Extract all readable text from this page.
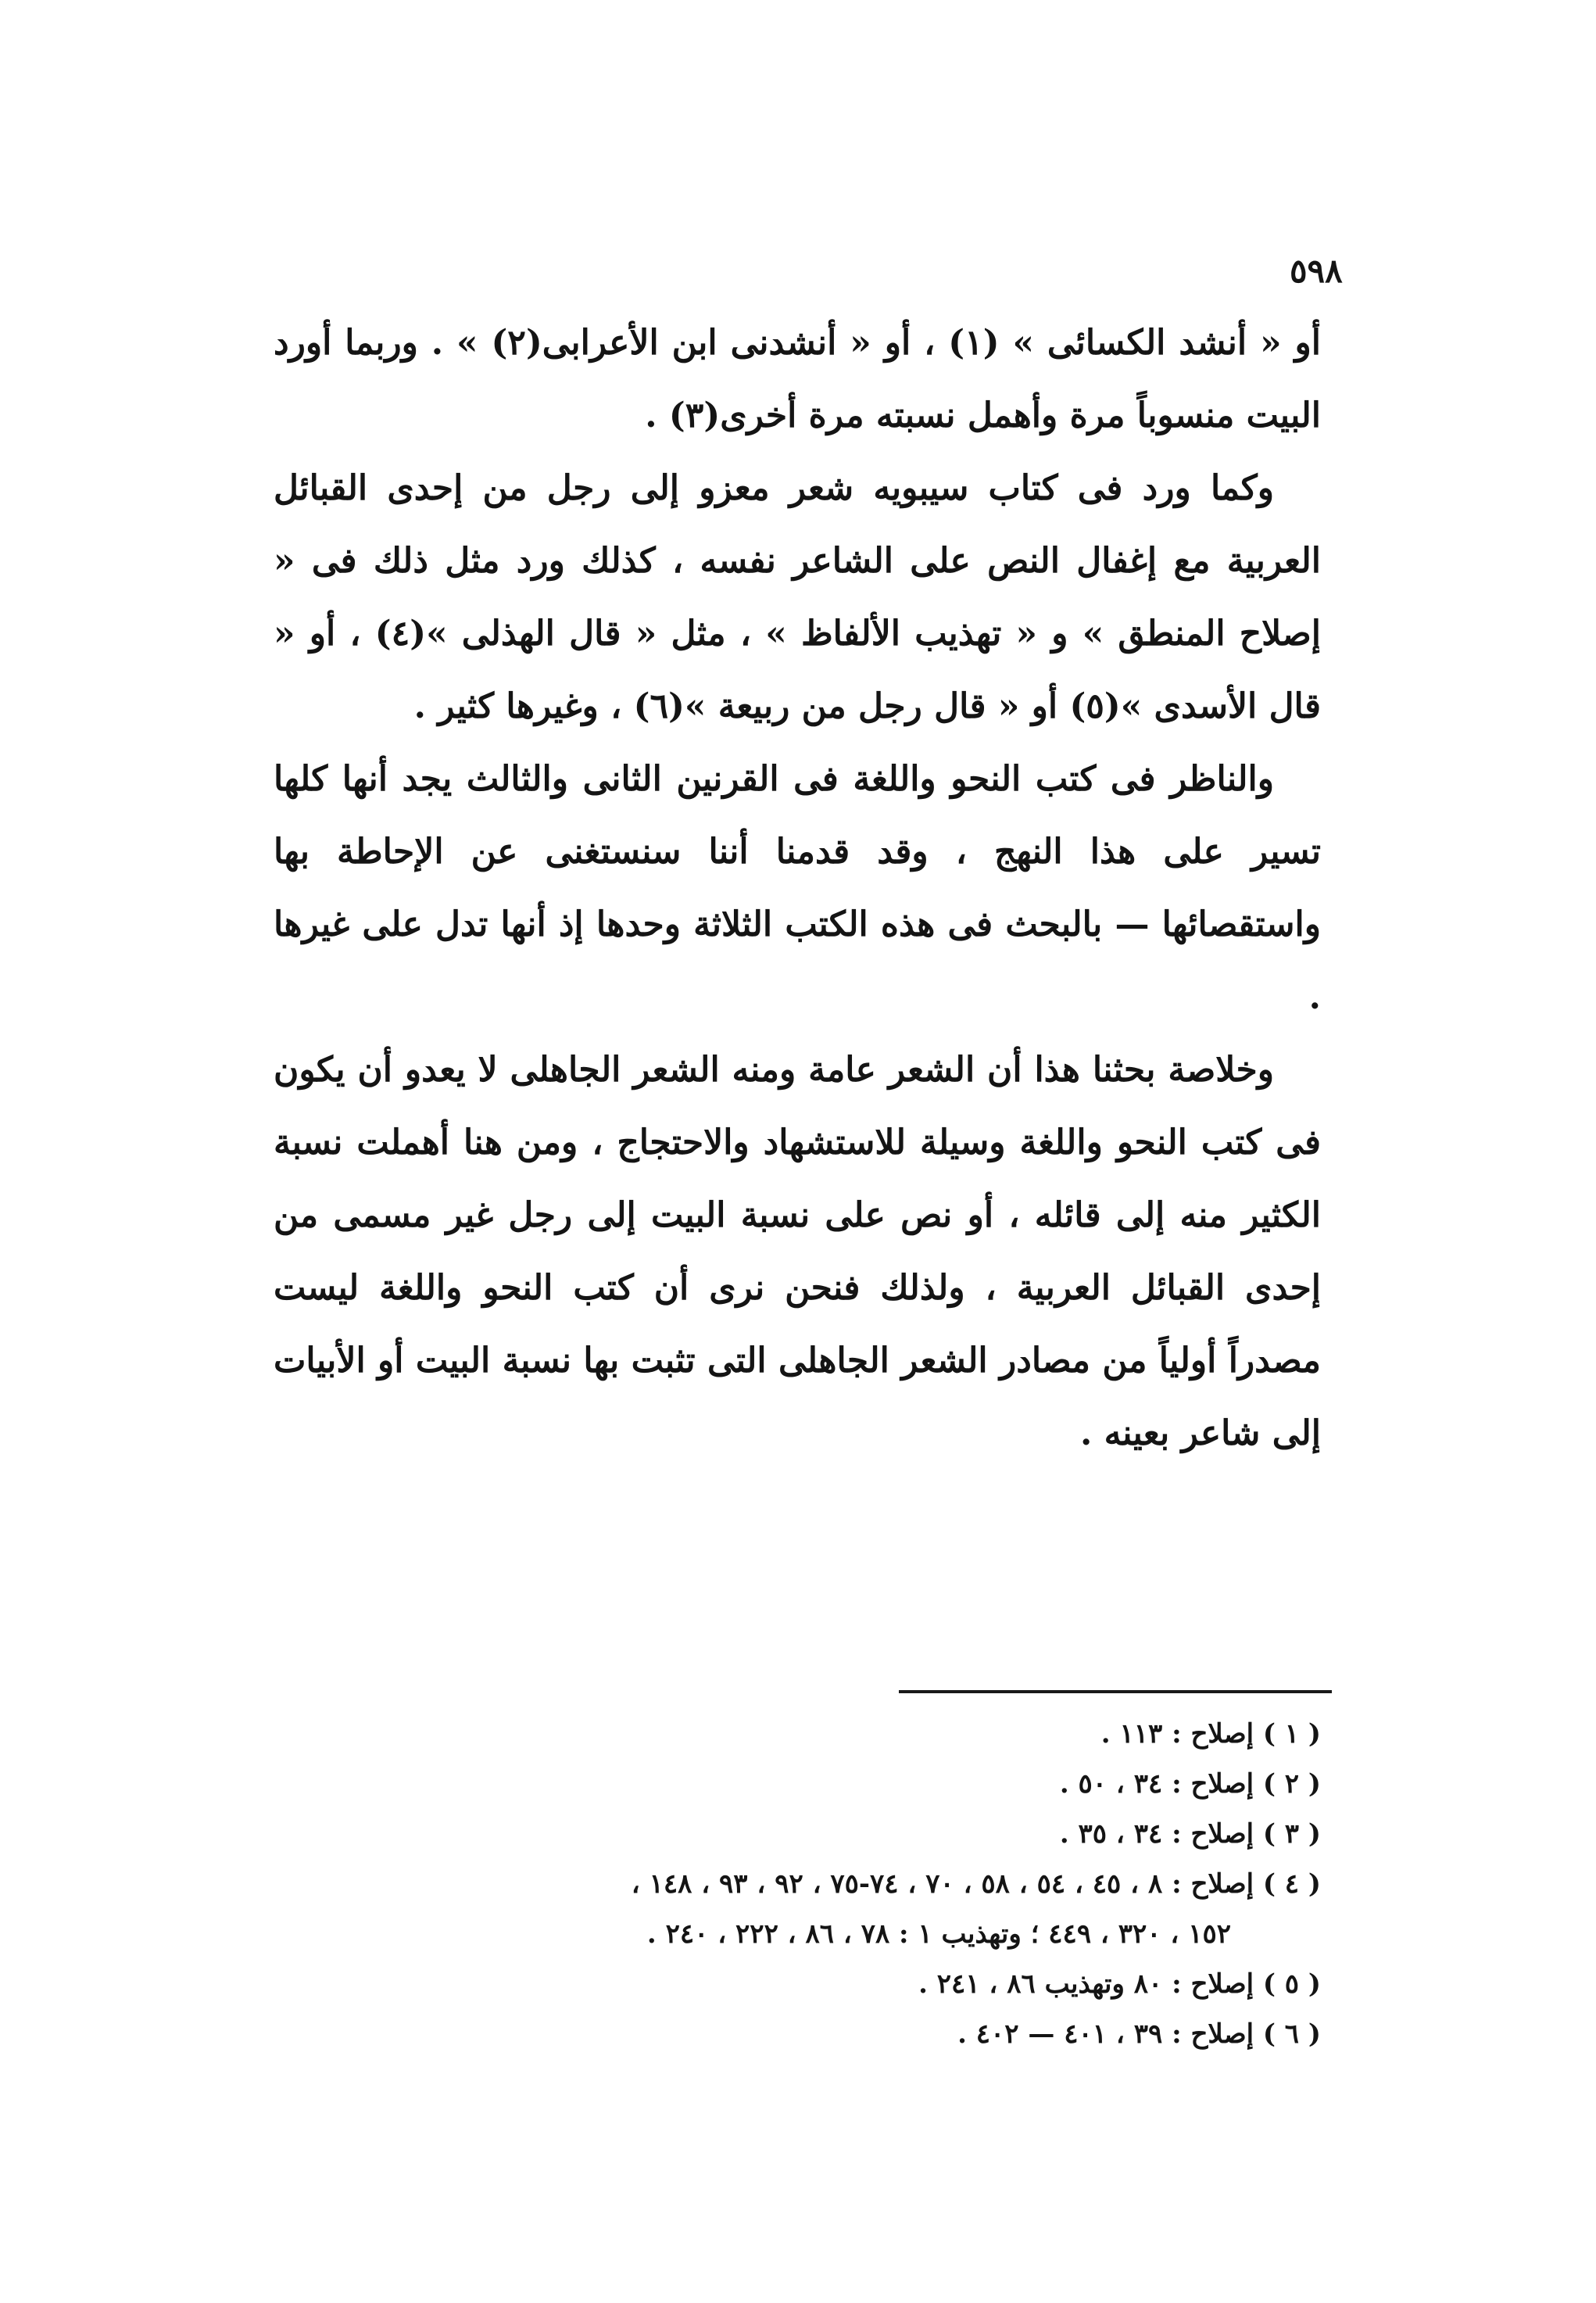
٥٩٨

أو « أنشد الكسائى » (١) ، أو « أنشدنى ابن الأعرابى(٢) » . وربما أورد البيت منسوباً مرة وأهمل نسبته مرة أخرى(٣) .

وكما ورد فى كتاب سيبويه شعر معزو إلى رجل من إحدى القبائل العربية مع إغفال النص على الشاعر نفسه ، كذلك ورد مثل ذلك فى « إصلاح المنطق » و « تهذيب الألفاظ » ، مثل « قال الهذلى »(٤) ، أو « قال الأسدى »(٥) أو « قال رجل من ربيعة »(٦) ، وغيرها كثير .

والناظر فى كتب النحو واللغة فى القرنين الثانى والثالث يجد أنها كلها تسير على هذا النهج ، وقد قدمنا أننا سنستغنى عن الإحاطة بها واستقصائها — بالبحث فى هذه الكتب الثلاثة وحدها إذ أنها تدل على غيرها .

وخلاصة بحثنا هذا أن الشعر عامة ومنه الشعر الجاهلى لا يعدو أن يكون فى كتب النحو واللغة وسيلة للاستشهاد والاحتجاج ، ومن هنا أهملت نسبة الكثير منه إلى قائله ، أو نص على نسبة البيت إلى رجل غير مسمى من إحدى القبائل العربية ، ولذلك فنحن نرى أن كتب النحو واللغة ليست مصدراً أولياً من مصادر الشعر الجاهلى التى تثبت بها نسبة البيت أو الأبيات إلى شاعر بعينه .

( ١ ) إصلاح : ١١٣ .
( ٢ ) إصلاح : ٣٤ ، ٥٠ .
( ٣ ) إصلاح : ٣٤ ، ٣٥ .
( ٤ ) إصلاح : ٨ ، ٤٥ ، ٥٤ ، ٥٨ ، ٧٠ ، ٧٤-٧٥ ، ٩٢ ، ٩٣ ، ١٤٨ ،
١٥٢ ، ٣٢٠ ، ٤٤٩ ؛ وتهذيب ١ : ٧٨ ، ٨٦ ، ٢٢٢ ، ٢٤٠ .
( ٥ ) إصلاح : ٨٠ وتهذيب ٨٦ ، ٢٤١ .
( ٦ ) إصلاح : ٣٩ ، ٤٠١ — ٤٠٢ .
